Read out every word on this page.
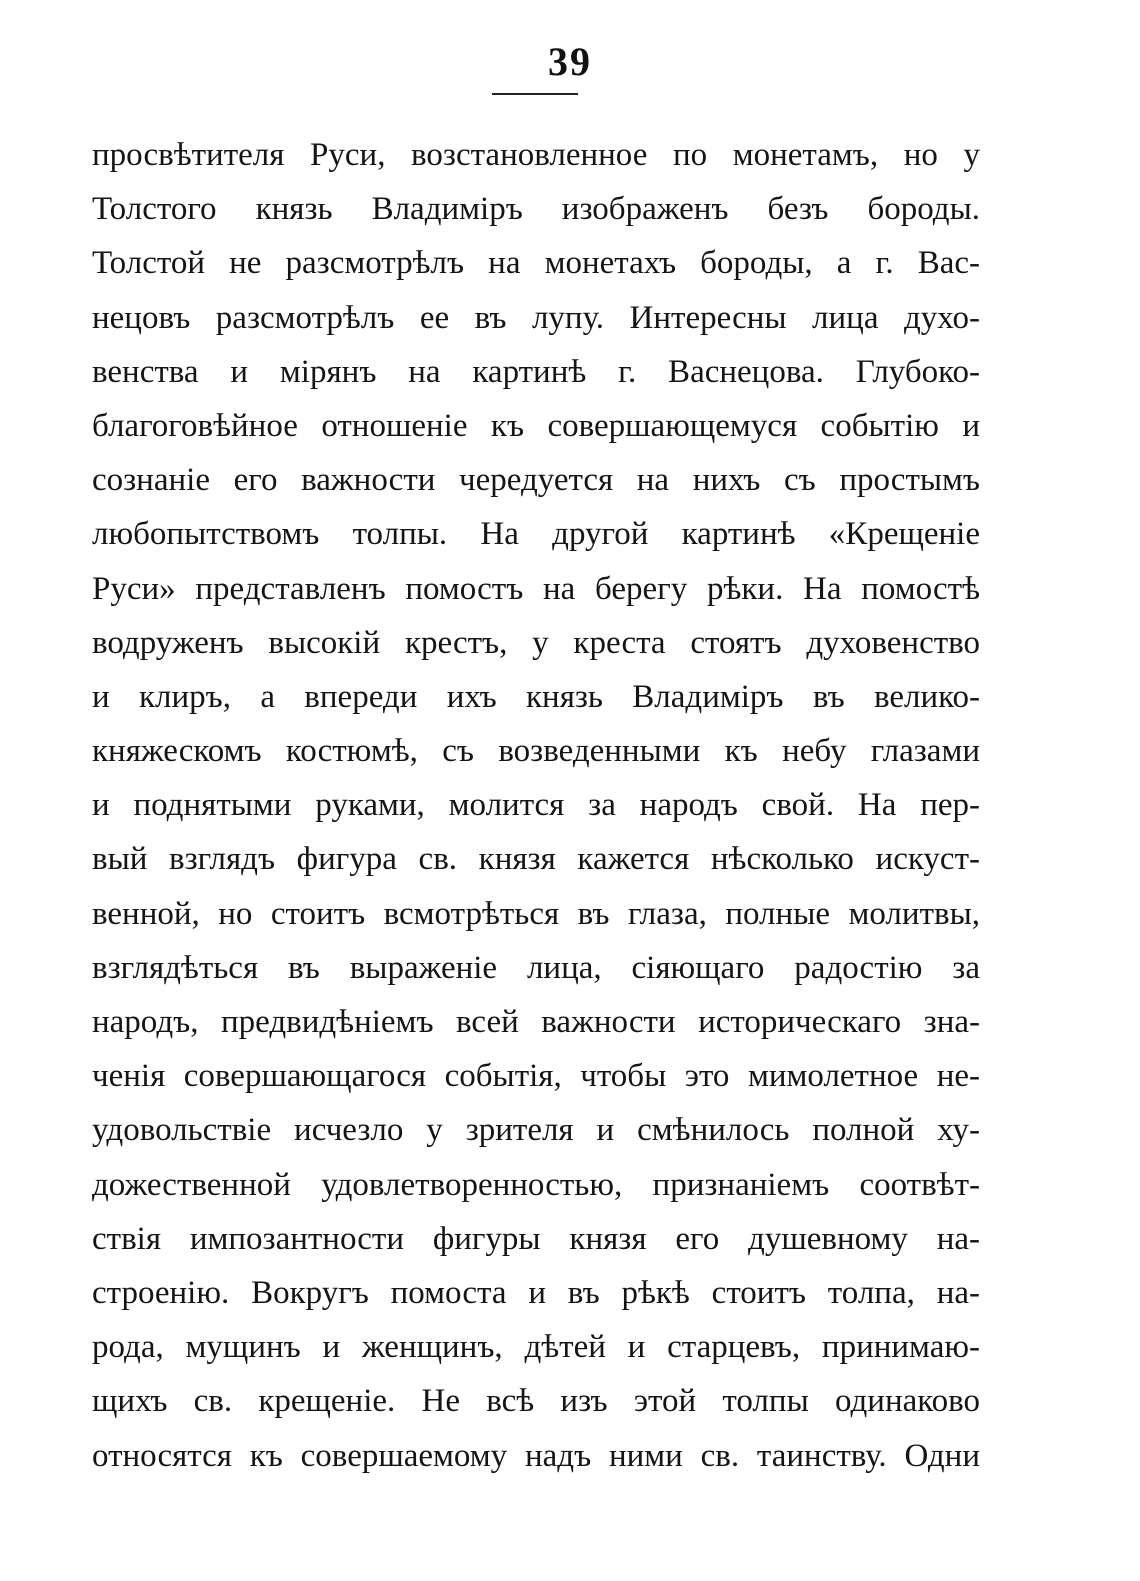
39
просвѣтителя Руси, возстановленное по монетамъ, но у
Толстого князь Владиміръ изображенъ безъ бороды.
Толстой не разсмотрѣлъ на монетахъ бороды, а г. Вас-
нецовъ разсмотрѣлъ ее въ лупу. Интересны лица духо-
венства и мірянъ на картинѣ г. Васнецова. Глубоко-
благоговѣйное отношеніе къ совершающемуся событію и
сознаніе его важности чередуется на нихъ съ простымъ
любопытствомъ толпы. На другой картинѣ «Крещеніе
Руси» представленъ помостъ на берегу рѣки. На помостѣ
водруженъ высокій крестъ, у креста стоятъ духовенство
и клиръ, а впереди ихъ князь Владиміръ въ велико-
княжескомъ костюмѣ, съ возведенными къ небу глазами
и поднятыми руками, молится за народъ свой. На пер-
вый взглядъ фигура св. князя кажется нѣсколько искуст-
венной, но стоитъ всмотрѣться въ глаза, полные молитвы,
взглядѣться въ выраженіе лица, сіяющаго радостію за
народъ, предвидѣніемъ всей важности историческаго зна-
ченія совершающагося событія, чтобы это мимолетное не-
удовольствіе исчезло у зрителя и смѣнилось полной ху-
дожественной удовлетворенностью, признаніемъ соотвѣт-
ствія импозантности фигуры князя его душевному на-
строенію. Вокругъ помоста и въ рѣкѣ стоитъ толпа, на-
рода, мущинъ и женщинъ, дѣтей и старцевъ, принимаю-
щихъ св. крещеніе. Не всѣ изъ этой толпы одинаково
относятся къ совершаемому надъ ними св. таинству. Одни
